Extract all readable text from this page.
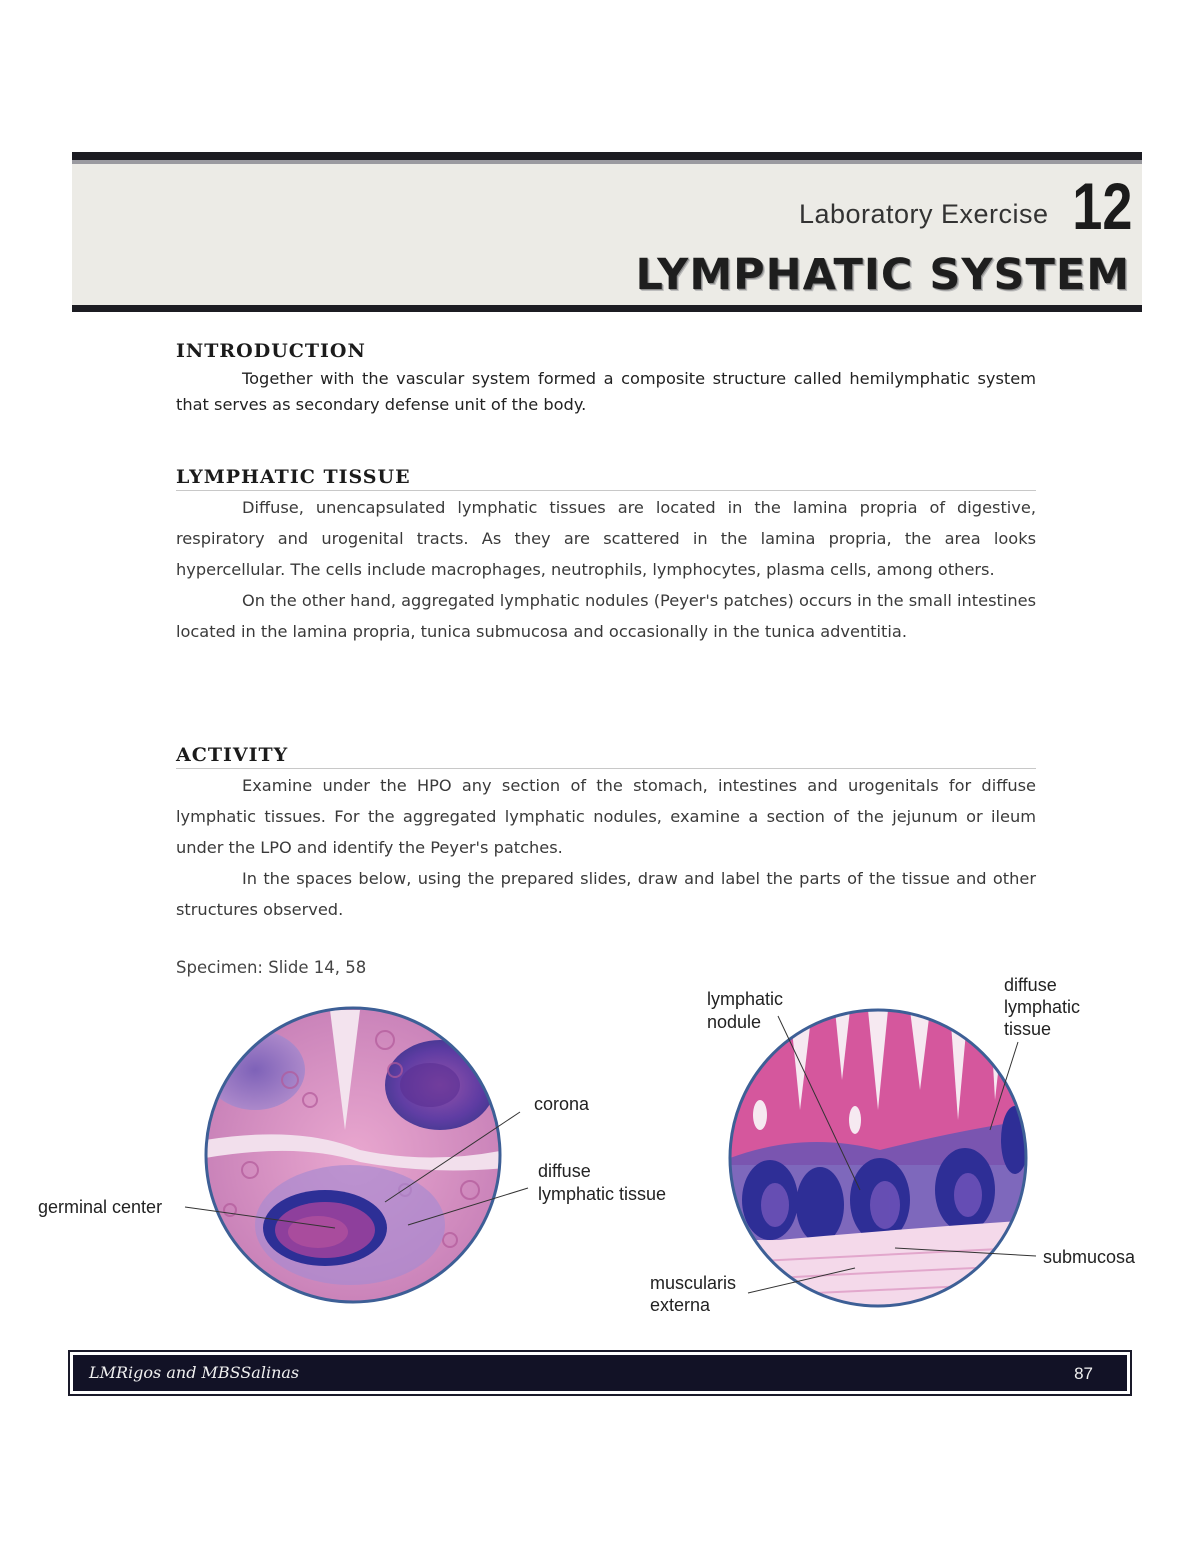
Laboratory Exercise 12
LYMPHATIC SYSTEM
INTRODUCTION

Together with the vascular system formed a composite structure called hemilymphatic system that serves as secondary defense unit of the body.

LYMPHATIC TISSUE

Diffuse, unencapsulated lymphatic tissues are located in the lamina propria of digestive, respiratory and urogenital tracts. As they are scattered in the lamina propria, the area looks hypercellular. The cells include macrophages, neutrophils, lymphocytes, plasma cells, among others.

On the other hand, aggregated lymphatic nodules (Peyer's patches) occurs in the small intestines located in the lamina propria, tunica submucosa and occasionally in the tunica adventitia.

ACTIVITY

Examine under the HPO any section of the stomach, intestines and urogenitals for diffuse lymphatic tissues. For the aggregated lymphatic nodules, examine a section of the jejunum or ileum under the LPO and identify the Peyer's patches.

In the spaces below, using the prepared slides, draw and label the parts of the tissue and other structures observed.

Specimen: Slide 14, 58
corona
diffuse
lymphatic tissue
germinal center
lymphatic
nodule
diffuse
lymphatic
tissue
submucosa
muscularis
externa
LMRigos and MBSSalinas	87
